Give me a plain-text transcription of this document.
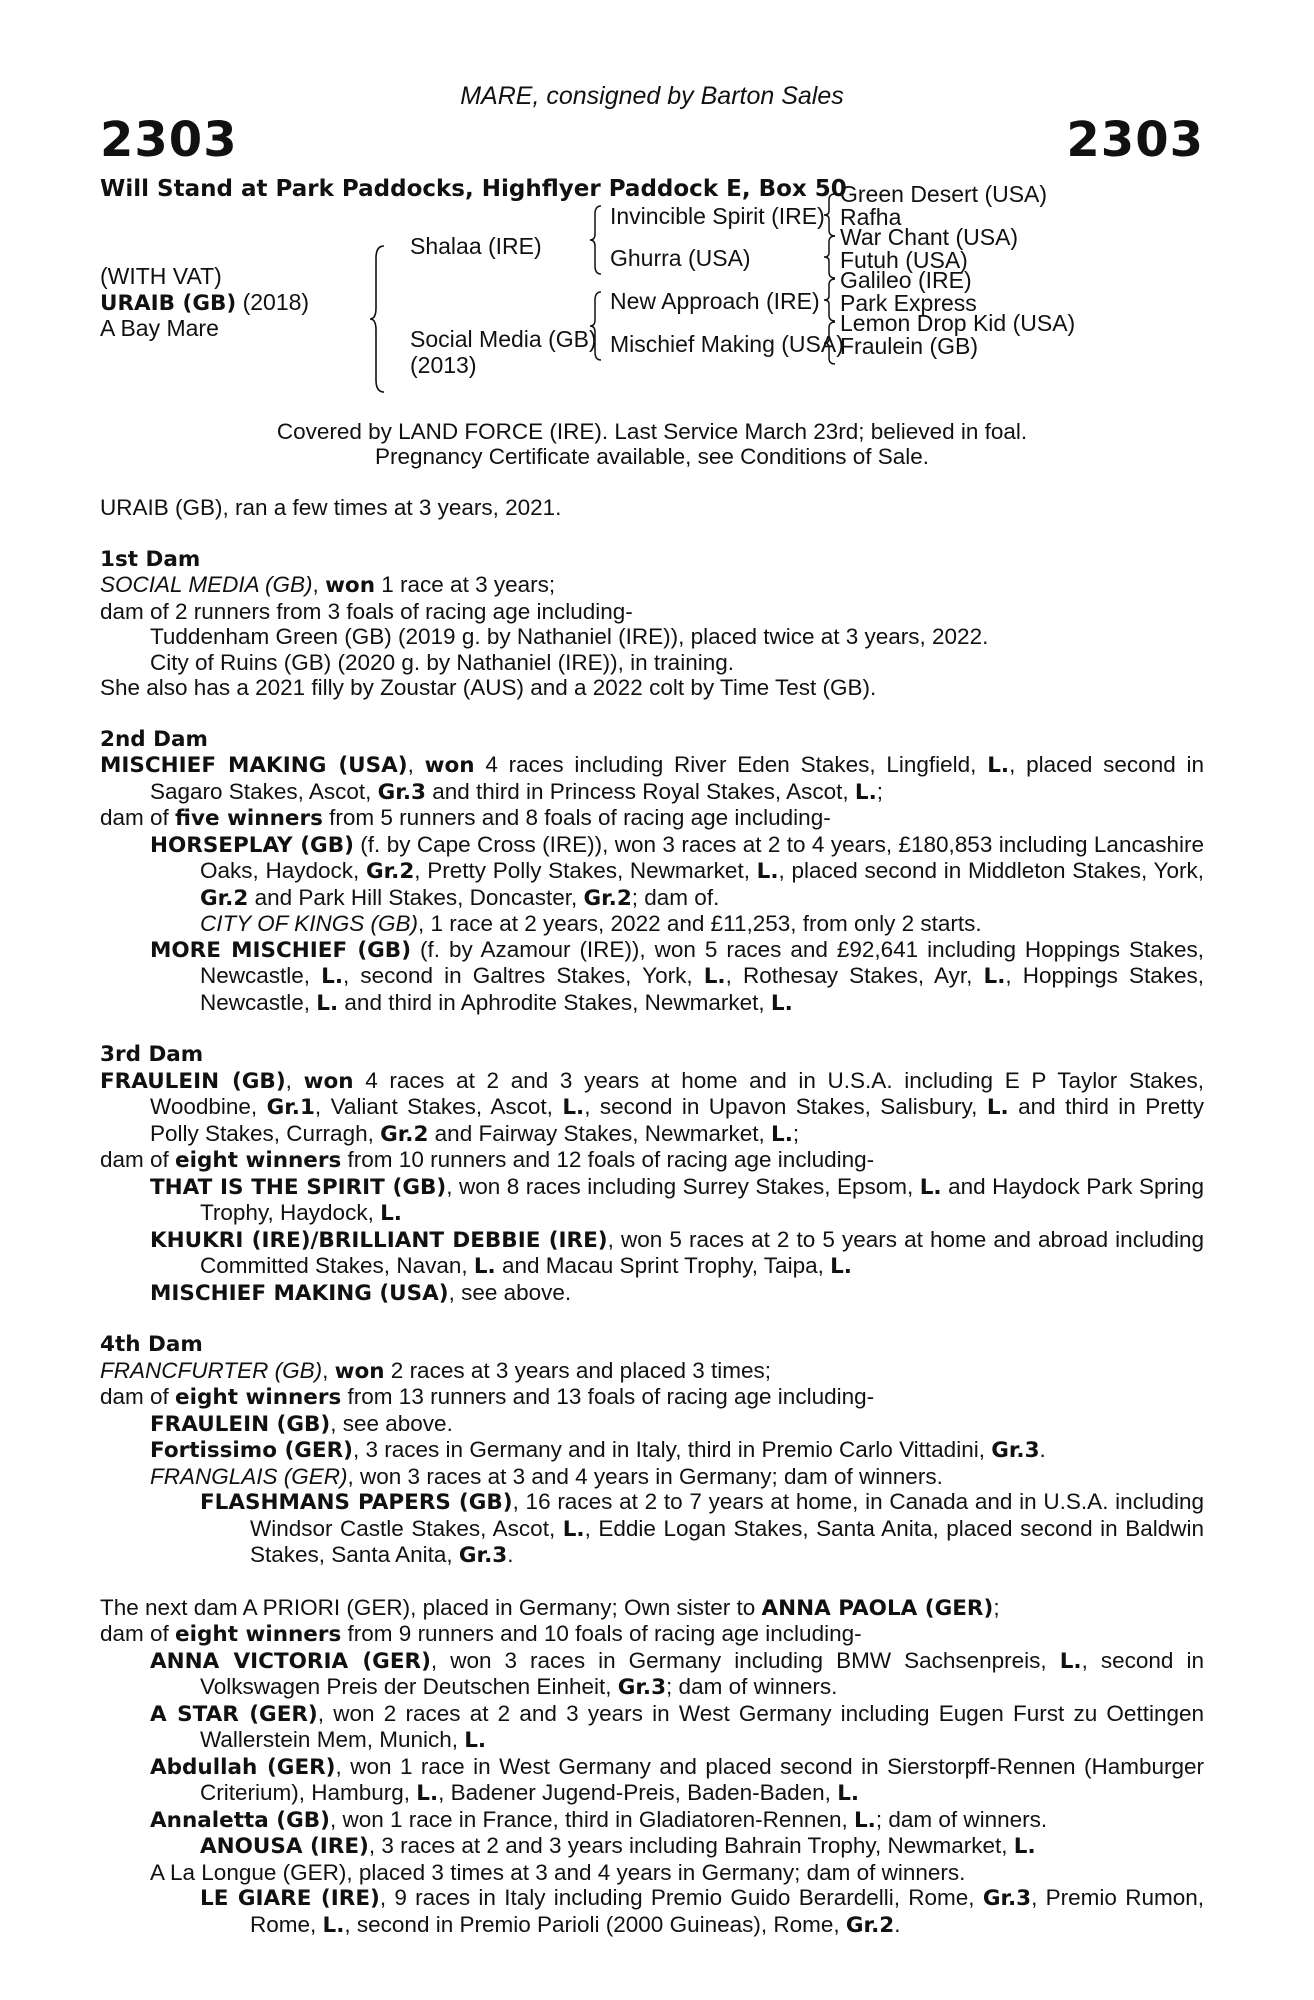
MARE, consigned by Barton Sales
2303	2303
Will Stand at Park Paddocks, Highflyer Paddock E, Box 50
(WITH VAT)
URAIB (GB) (2018)
A Bay Mare
Shalaa (IRE)
Social Media (GB)
(2013)
Invincible Spirit (IRE)
Ghurra (USA)
New Approach (IRE)
Mischief Making (USA)
Green Desert (USA)
Rafha
War Chant (USA)
Futuh (USA)
Galileo (IRE)
Park Express
Lemon Drop Kid (USA)
Fraulein (GB)
Covered by LAND FORCE (IRE). Last Service March 23rd; believed in foal.
Pregnancy Certificate available, see Conditions of Sale.

URAIB (GB), ran a few times at 3 years, 2021.

1st Dam
SOCIAL MEDIA (GB), won 1 race at 3 years;
dam of 2 runners from 3 foals of racing age including-
Tuddenham Green (GB) (2019 g. by Nathaniel (IRE)), placed twice at 3 years, 2022.
City of Ruins (GB) (2020 g. by Nathaniel (IRE)), in training.
She also has a 2021 filly by Zoustar (AUS) and a 2022 colt by Time Test (GB).
2nd Dam
MISCHIEF MAKING (USA), won 4 races including River Eden Stakes, Lingfield, L., placed second in Sagaro Stakes, Ascot, Gr.3 and third in Princess Royal Stakes, Ascot, L.;
dam of five winners from 5 runners and 8 foals of racing age including-
HORSEPLAY (GB) (f. by Cape Cross (IRE)), won 3 races at 2 to 4 years, £180,853 including Lancashire Oaks, Haydock, Gr.2, Pretty Polly Stakes, Newmarket, L., placed second in Middleton Stakes, York, Gr.2 and Park Hill Stakes, Doncaster, Gr.2; dam of.
CITY OF KINGS (GB), 1 race at 2 years, 2022 and £11,253, from only 2 starts.
MORE MISCHIEF (GB) (f. by Azamour (IRE)), won 5 races and £92,641 including Hoppings Stakes, Newcastle, L., second in Galtres Stakes, York, L., Rothesay Stakes, Ayr, L., Hoppings Stakes, Newcastle, L. and third in Aphrodite Stakes, Newmarket, L.
3rd Dam
FRAULEIN (GB), won 4 races at 2 and 3 years at home and in U.S.A. including E P Taylor Stakes, Woodbine, Gr.1, Valiant Stakes, Ascot, L., second in Upavon Stakes, Salisbury, L. and third in Pretty Polly Stakes, Curragh, Gr.2 and Fairway Stakes, Newmarket, L.;
dam of eight winners from 10 runners and 12 foals of racing age including-
THAT IS THE SPIRIT (GB), won 8 races including Surrey Stakes, Epsom, L. and Haydock Park Spring Trophy, Haydock, L.
KHUKRI (IRE)/BRILLIANT DEBBIE (IRE), won 5 races at 2 to 5 years at home and abroad including Committed Stakes, Navan, L. and Macau Sprint Trophy, Taipa, L.
MISCHIEF MAKING (USA), see above.
4th Dam
FRANCFURTER (GB), won 2 races at 3 years and placed 3 times;
dam of eight winners from 13 runners and 13 foals of racing age including-
FRAULEIN (GB), see above.
Fortissimo (GER), 3 races in Germany and in Italy, third in Premio Carlo Vittadini, Gr.3.
FRANGLAIS (GER), won 3 races at 3 and 4 years in Germany; dam of winners.
FLASHMANS PAPERS (GB), 16 races at 2 to 7 years at home, in Canada and in U.S.A. including Windsor Castle Stakes, Ascot, L., Eddie Logan Stakes, Santa Anita, placed second in Baldwin Stakes, Santa Anita, Gr.3.
The next dam A PRIORI (GER), placed in Germany; Own sister to ANNA PAOLA (GER);
dam of eight winners from 9 runners and 10 foals of racing age including-
ANNA VICTORIA (GER), won 3 races in Germany including BMW Sachsenpreis, L., second in Volkswagen Preis der Deutschen Einheit, Gr.3; dam of winners.
A STAR (GER), won 2 races at 2 and 3 years in West Germany including Eugen Furst zu Oettingen Wallerstein Mem, Munich, L.
Abdullah (GER), won 1 race in West Germany and placed second in Sierstorpff-Rennen (Hamburger Criterium), Hamburg, L., Badener Jugend-Preis, Baden-Baden, L.
Annaletta (GB), won 1 race in France, third in Gladiatoren-Rennen, L.; dam of winners.
ANOUSA (IRE), 3 races at 2 and 3 years including Bahrain Trophy, Newmarket, L.
A La Longue (GER), placed 3 times at 3 and 4 years in Germany; dam of winners.
LE GIARE (IRE), 9 races in Italy including Premio Guido Berardelli, Rome, Gr.3, Premio Rumon, Rome, L., second in Premio Parioli (2000 Guineas), Rome, Gr.2.
